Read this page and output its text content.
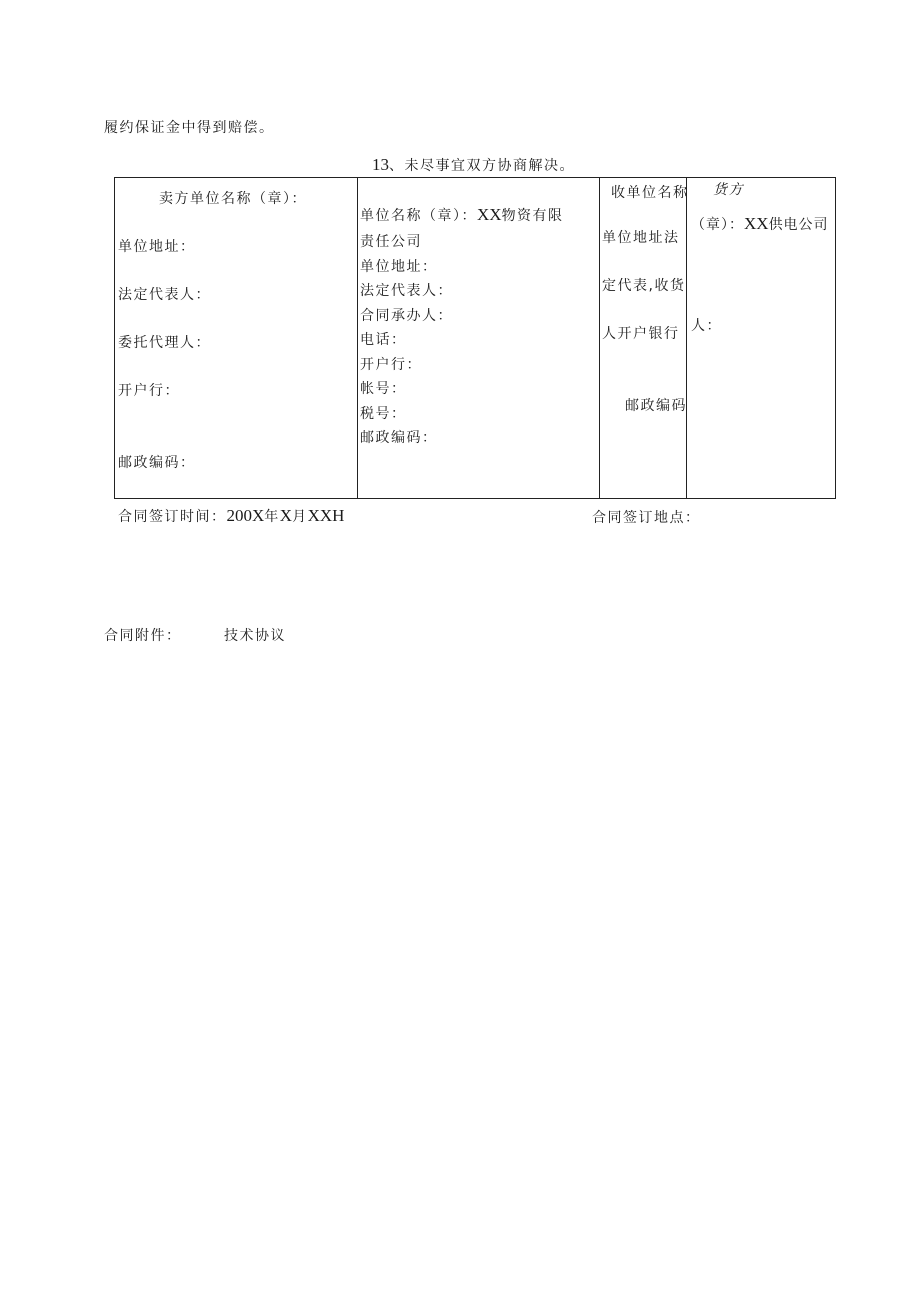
履约保证金中得到赔偿。
13、未尽事宜双方协商解决。
卖方单位名称（章）：
单位地址：
法定代表人：
委托代理人：
开户行：
邮政编码：
单位名称（章）：XX物资有限
责任公司
单位地址：
法定代表人：
合同承办人：
电话：
开户行：
帐号：
税号：
邮政编码：
收单位名称
单位地址法
定代表,收货
人开户银行
邮政编码
货方
（章）：XX供电公司
人：
合同签订时间：200X年X月XXH	合同签订地点：
合同附件：	技术协议
